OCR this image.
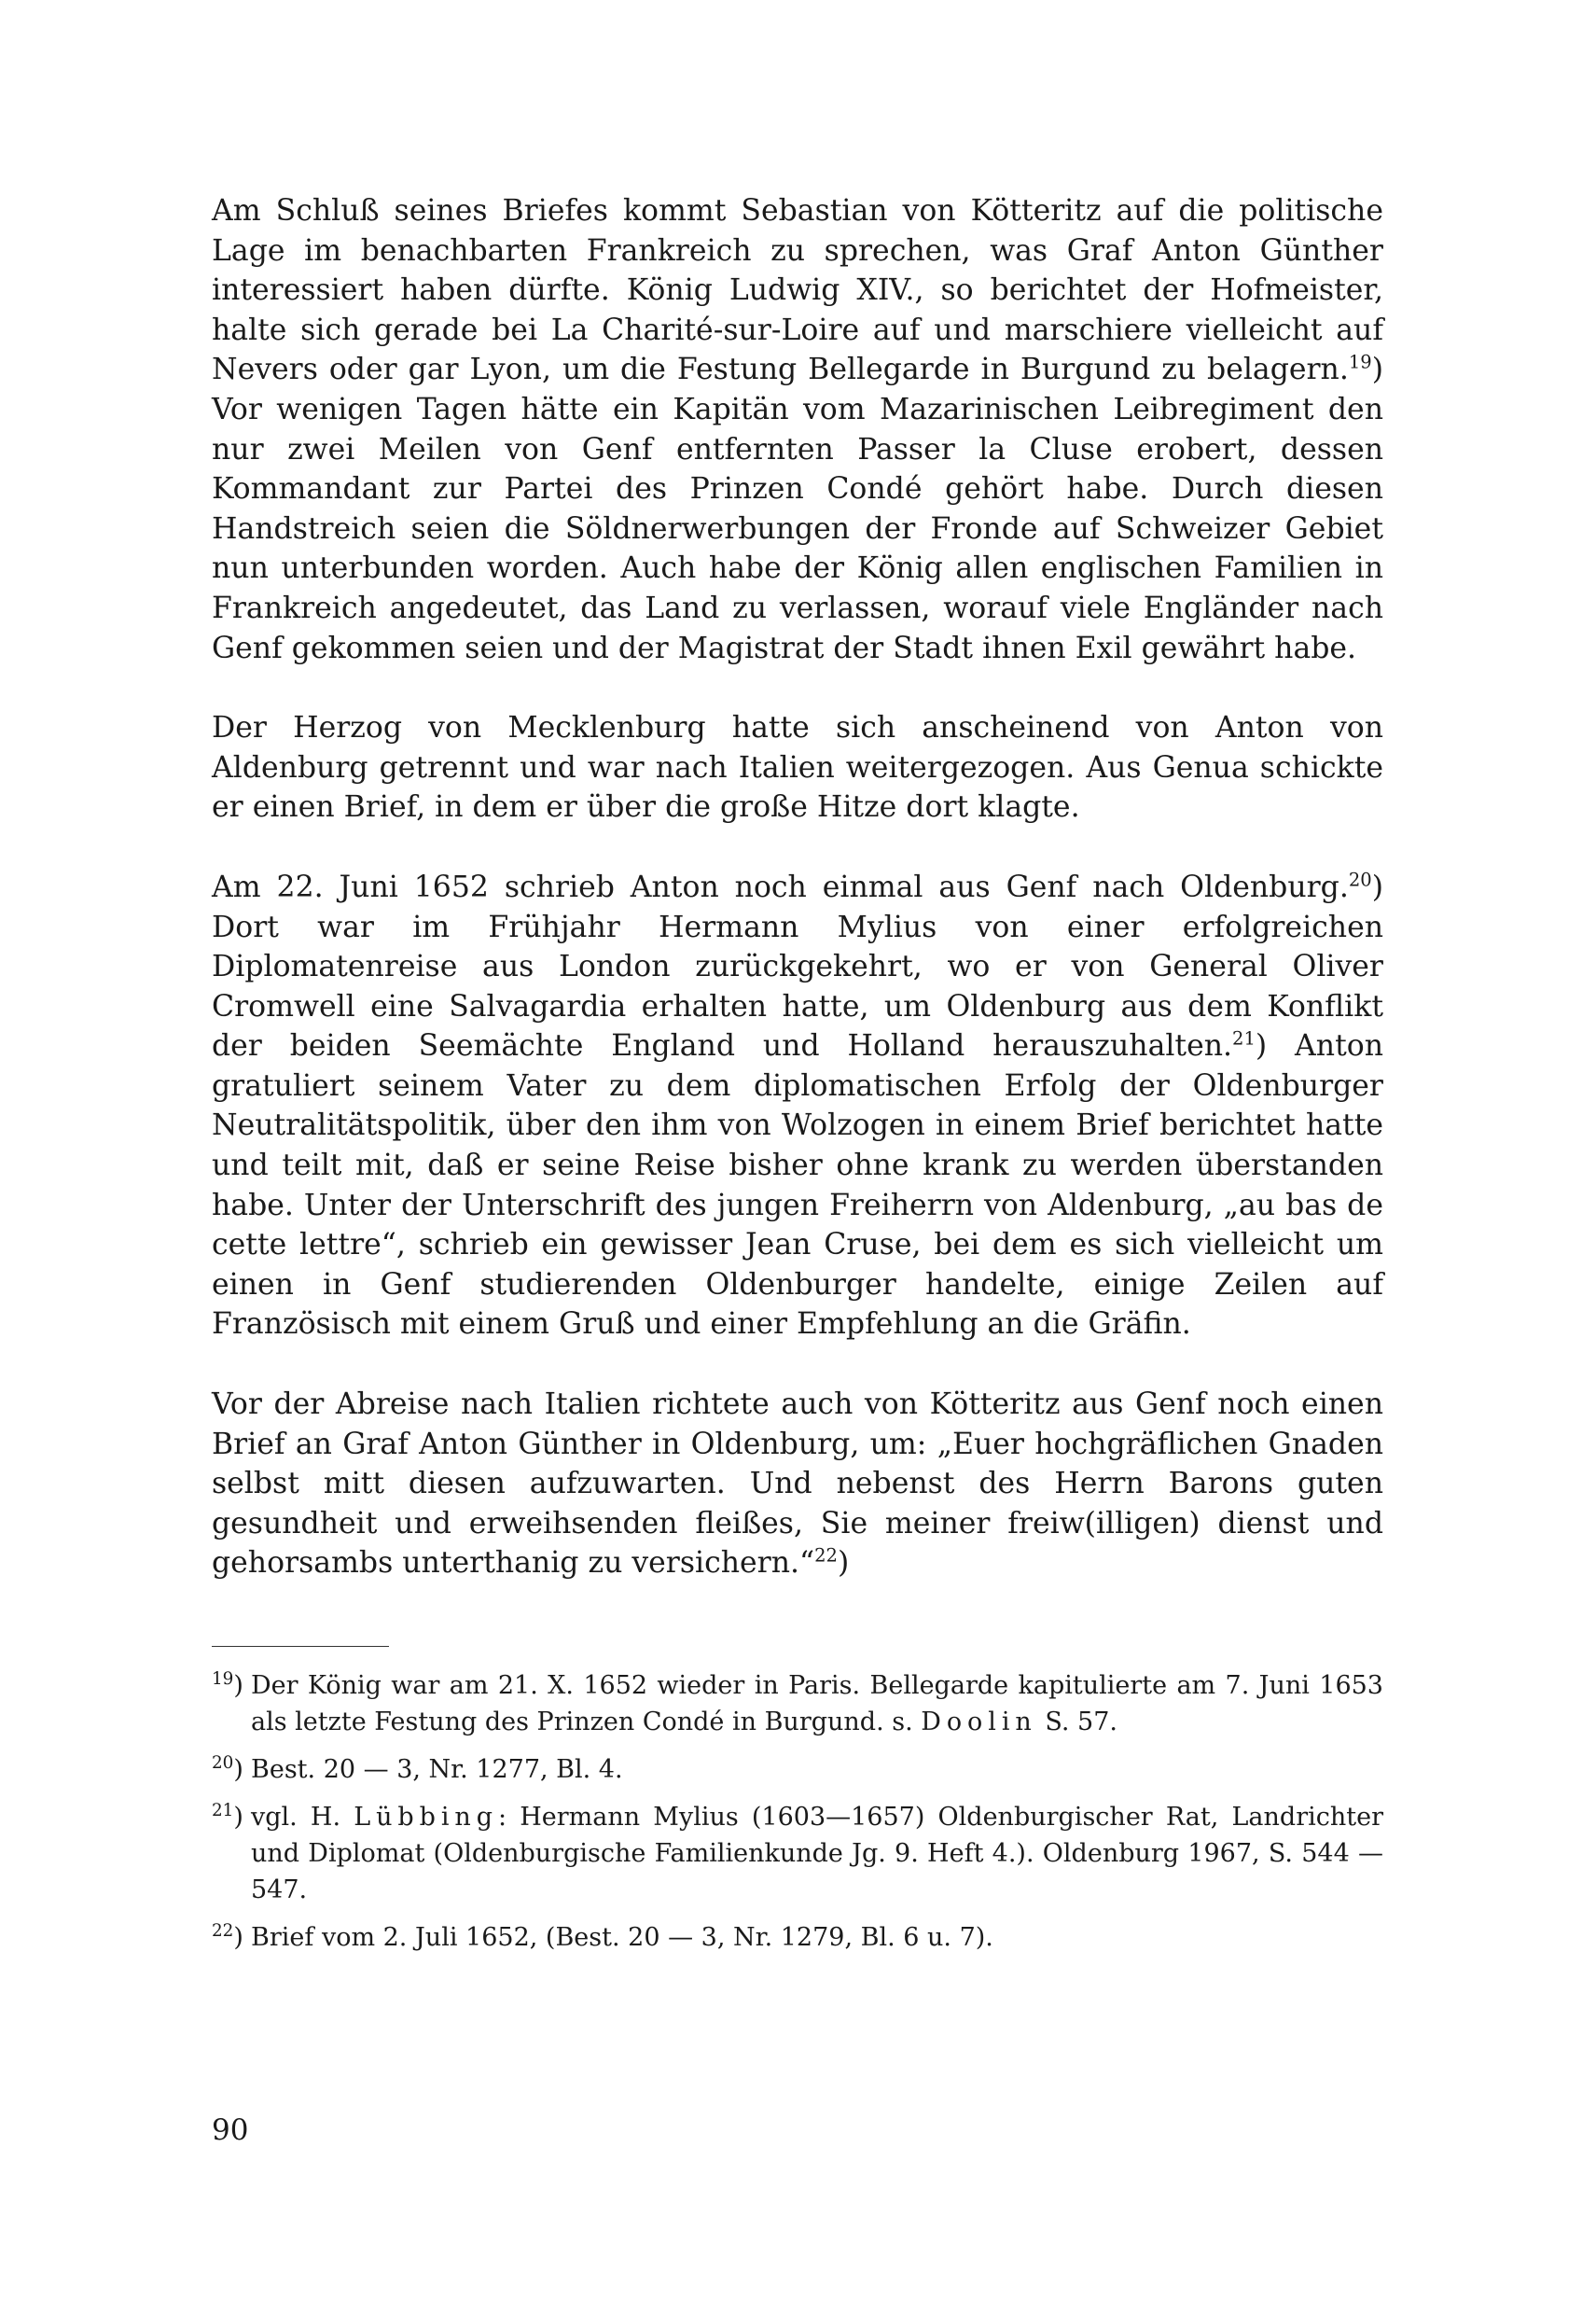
Am Schluß seines Briefes kommt Sebastian von Kötteritz auf die politische Lage im benachbarten Frankreich zu sprechen, was Graf Anton Günther interessiert haben dürfte. König Ludwig XIV., so berichtet der Hofmeister, halte sich gerade bei La Charité-sur-Loire auf und marschiere vielleicht auf Nevers oder gar Lyon, um die Festung Bellegarde in Burgund zu belagern.$^{19}$) Vor wenigen Tagen hätte ein Kapitän vom Mazarinischen Leibregiment den nur zwei Meilen von Genf entfernten Passer la Cluse erobert, dessen Kommandant zur Partei des Prinzen Condé gehört habe. Durch diesen Handstreich seien die Söldnerwerbungen der Fronde auf Schweizer Gebiet nun unterbunden worden. Auch habe der König allen englischen Familien in Frankreich angedeutet, das Land zu verlassen, worauf viele Engländer nach Genf gekommen seien und der Magistrat der Stadt ihnen Exil gewährt habe.

Der Herzog von Mecklenburg hatte sich anscheinend von Anton von Aldenburg getrennt und war nach Italien weitergezogen. Aus Genua schickte er einen Brief, in dem er über die große Hitze dort klagte.

Am 22. Juni 1652 schrieb Anton noch einmal aus Genf nach Oldenburg.$^{20}$) Dort war im Frühjahr Hermann Mylius von einer erfolgreichen Diplomatenreise aus London zurückgekehrt, wo er von General Oliver Cromwell eine Salvagardia erhalten hatte, um Oldenburg aus dem Konflikt der beiden Seemächte England und Holland herauszuhalten.$^{21}$) Anton gratuliert seinem Vater zu dem diplomatischen Erfolg der Oldenburger Neutralitätspolitik, über den ihm von Wolzogen in einem Brief berichtet hatte und teilt mit, daß er seine Reise bisher ohne krank zu werden überstanden habe. Unter der Unterschrift des jungen Freiherrn von Aldenburg, „au bas de cette lettre“, schrieb ein gewisser Jean Cruse, bei dem es sich vielleicht um einen in Genf studierenden Oldenburger handelte, einige Zeilen auf Französisch mit einem Gruß und einer Empfehlung an die Gräfin.

Vor der Abreise nach Italien richtete auch von Kötteritz aus Genf noch einen Brief an Graf Anton Günther in Oldenburg, um: „Euer hochgräflichen Gnaden selbst mitt diesen aufzuwarten. Und nebenst des Herrn Barons guten gesundheit und erweihsenden fleißes, Sie meiner freiw(illigen) dienst und gehorsambs unterthanig zu versichern.“$^{22}$)

$^{19}$) Der König war am 21. X. 1652 wieder in Paris. Bellegarde kapitulierte am 7. Juni 1653 als letzte Festung des Prinzen Condé in Burgund. s. Doolin S. 57.
$^{20}$) Best. 20 — 3, Nr. 1277, Bl. 4.
$^{21}$) vgl. H. Lübbing: Hermann Mylius (1603—1657) Oldenburgischer Rat, Landrichter und Diplomat (Oldenburgische Familienkunde Jg. 9. Heft 4.). Oldenburg 1967, S. 544 — 547.
$^{22}$) Brief vom 2. Juli 1652, (Best. 20 — 3, Nr. 1279, Bl. 6 u. 7).
90
